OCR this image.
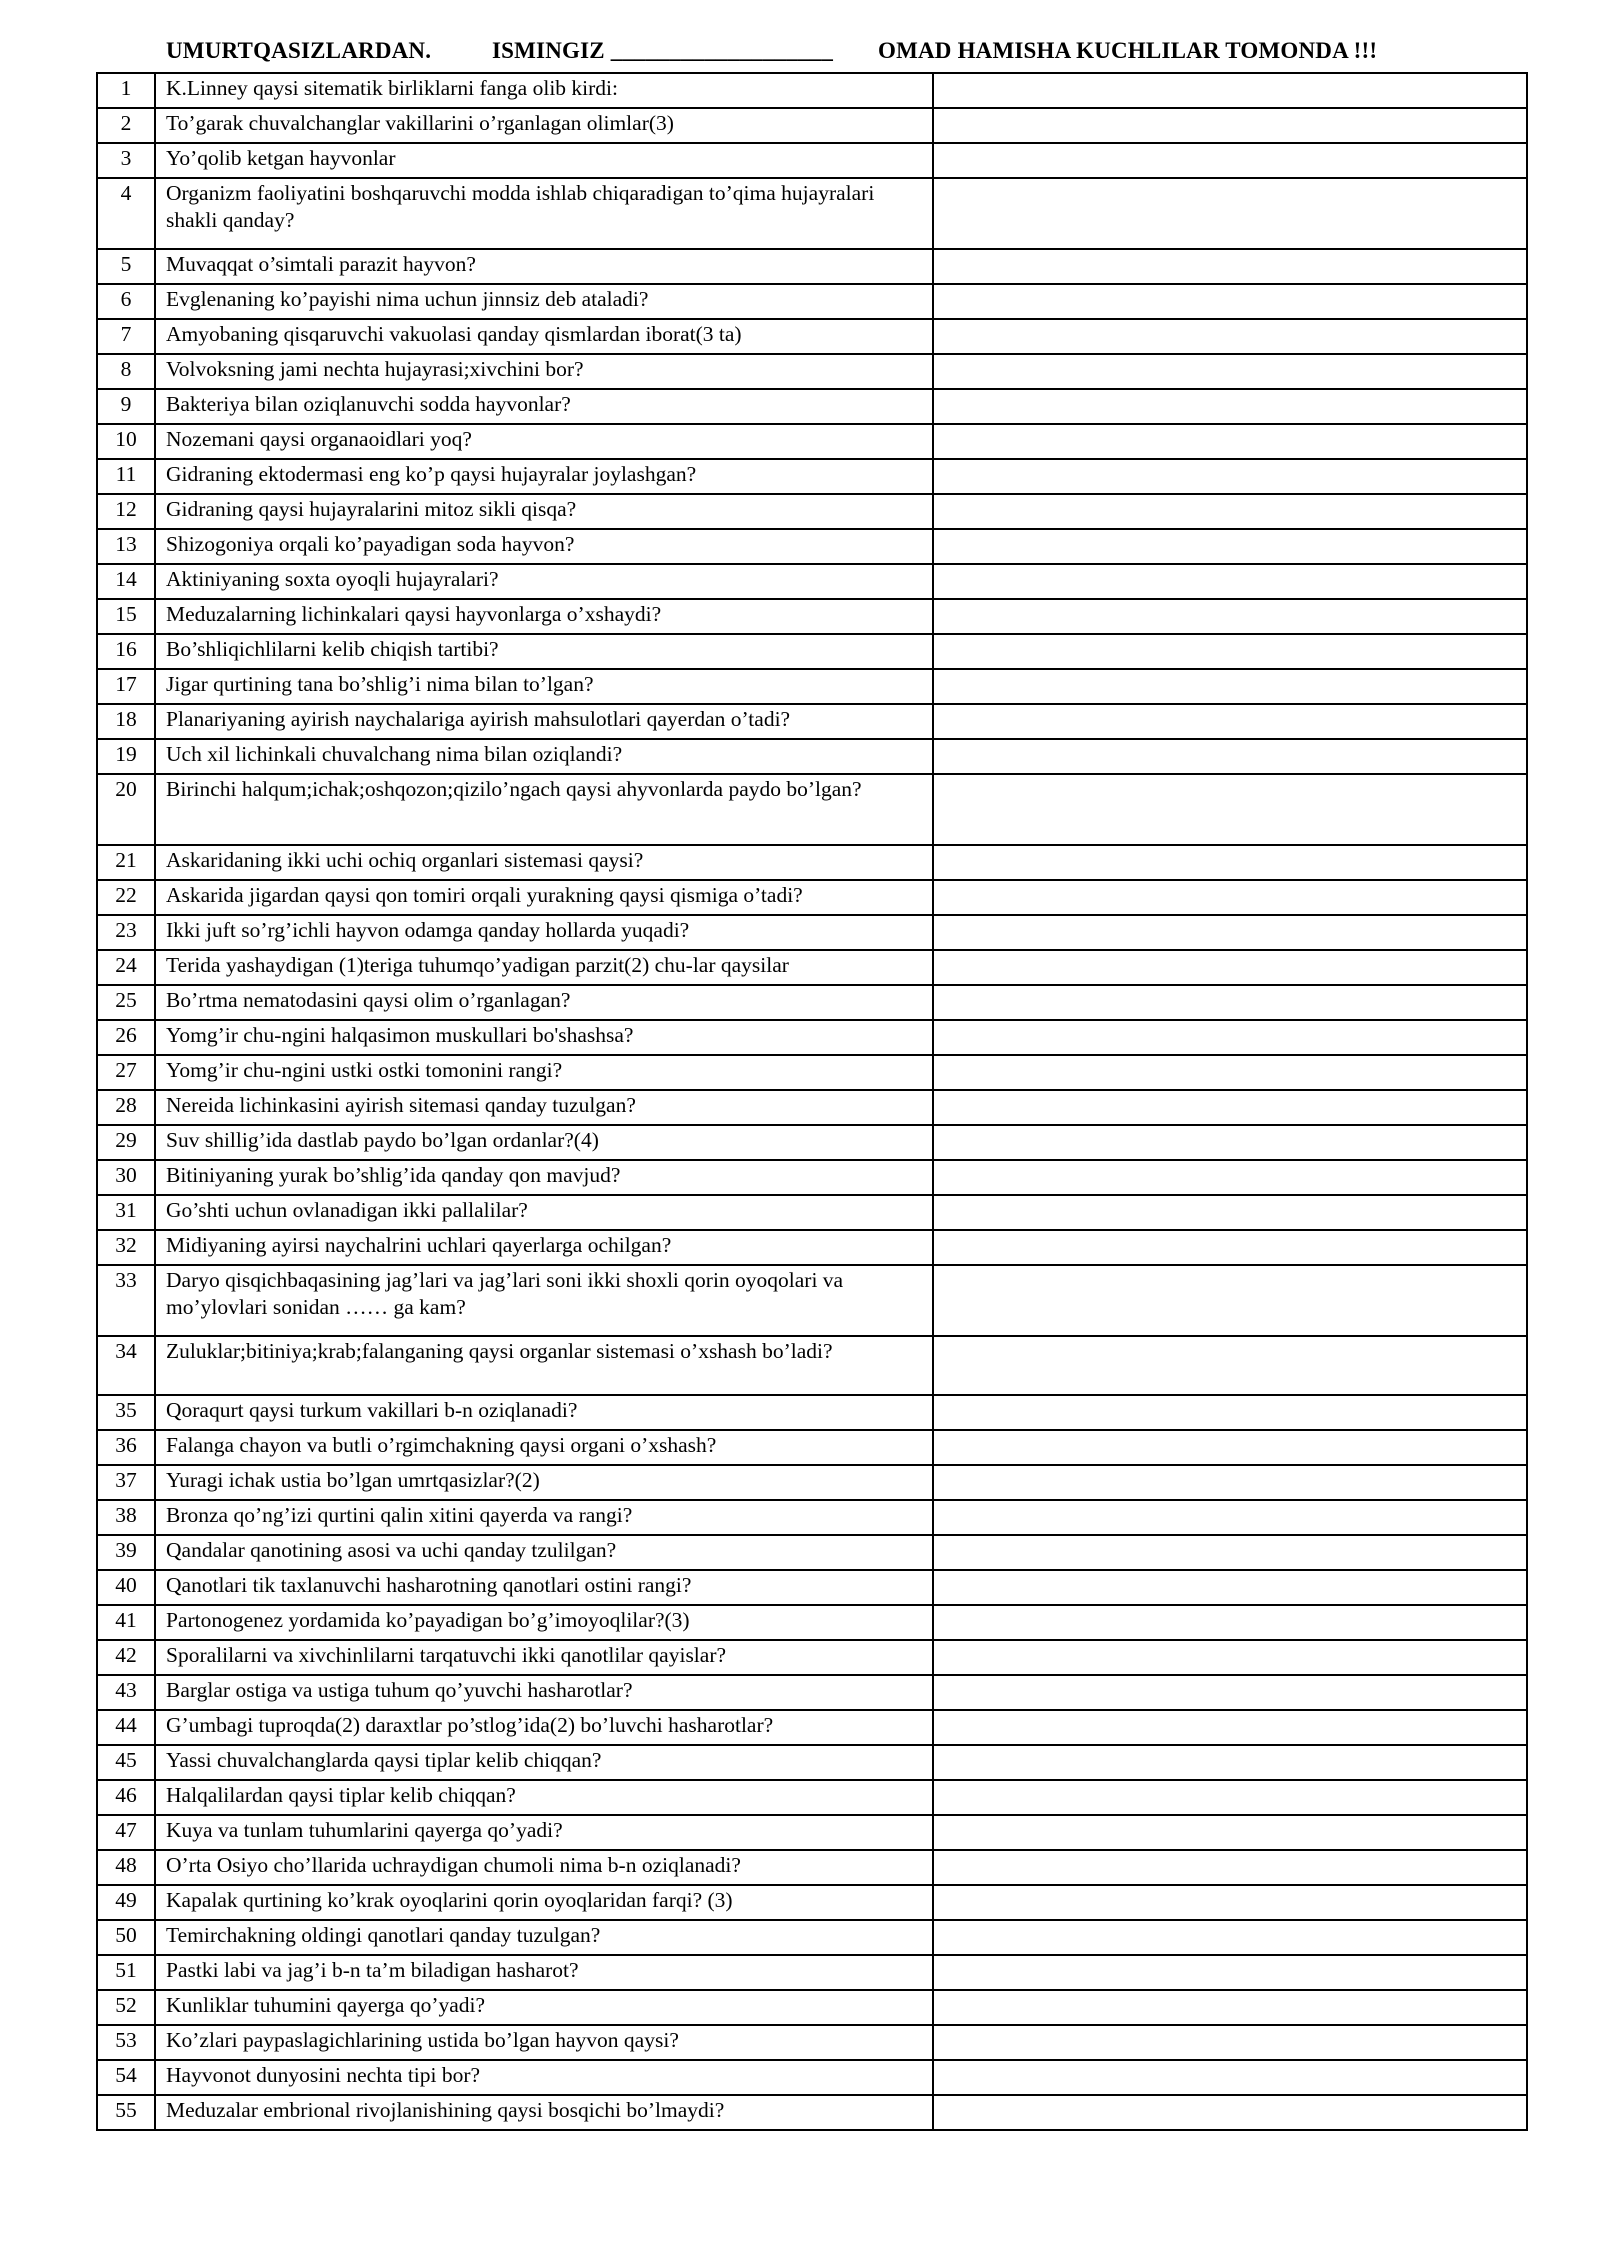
UMURTQASIZLARDAN.	ISMINGIZ ___________________ OMAD HAMISHA KUCHLILAR TOMONDA !!!
1	K.Linney qaysi sitematik birliklarni fanga olib kirdi:	
2	To’garak chuvalchanglar vakillarini o’rganlagan olimlar(3)	
3	Yo’qolib ketgan hayvonlar	
4	Organizm faoliyatini boshqaruvchi modda ishlab chiqaradigan to’qima hujayralari shakli qanday?	
5	Muvaqqat o’simtali parazit hayvon?	
6	Evglenaning ko’payishi nima uchun jinnsiz deb ataladi?	
7	Amyobaning qisqaruvchi vakuolasi qanday qismlardan iborat(3 ta)	
8	Volvoksning jami nechta hujayrasi;xivchini bor?	
9	Bakteriya bilan oziqlanuvchi sodda hayvonlar?	
10	Nozemani qaysi organaoidlari yoq?	
11	Gidraning ektodermasi eng ko’p qaysi hujayralar joylashgan?	
12	Gidraning qaysi hujayralarini mitoz sikli qisqa?	
13	Shizogoniya orqali ko’payadigan soda hayvon?	
14	Aktiniyaning soxta oyoqli hujayralari?	
15	Meduzalarning lichinkalari qaysi hayvonlarga o’xshaydi?	
16	Bo’shliqichlilarni kelib chiqish tartibi?	
17	Jigar qurtining tana bo’shlig’i nima bilan to’lgan?	
18	Planariyaning ayirish naychalariga ayirish mahsulotlari qayerdan o’tadi?	
19	Uch xil lichinkali chuvalchang nima bilan oziqlandi?	
20	Birinchi halqum;ichak;oshqozon;qizilo’ngach qaysi ahyvonlarda paydo bo’lgan?	
21	Askaridaning ikki uchi ochiq organlari sistemasi qaysi?	
22	Askarida jigardan qaysi qon tomiri orqali yurakning qaysi qismiga o’tadi?	
23	Ikki juft so’rg’ichli hayvon odamga qanday hollarda yuqadi?	
24	Terida yashaydigan (1)teriga tuhumqo’yadigan parzit(2) chu-lar qaysilar	
25	Bo’rtma nematodasini qaysi olim o’rganlagan?	
26	Yomg’ir chu-ngini halqasimon muskullari bo'shashsa?	
27	Yomg’ir chu-ngini ustki ostki tomonini rangi?	
28	Nereida lichinkasini ayirish sitemasi qanday tuzulgan?	
29	Suv shillig’ida dastlab paydo bo’lgan ordanlar?(4)	
30	Bitiniyaning yurak bo’shlig’ida qanday qon mavjud?	
31	Go’shti uchun ovlanadigan ikki pallalilar?	
32	Midiyaning ayirsi naychalrini uchlari qayerlarga ochilgan?	
33	Daryo qisqichbaqasining jag’lari va jag’lari soni ikki shoxli qorin oyoqolari va mo’ylovlari sonidan …… ga kam?	
34	Zuluklar;bitiniya;krab;falanganing qaysi organlar sistemasi o’xshash bo’ladi?	
35	Qoraqurt qaysi turkum vakillari b-n oziqlanadi?	
36	Falanga chayon va butli o’rgimchakning qaysi organi o’xshash?	
37	Yuragi ichak ustia bo’lgan umrtqasizlar?(2)	
38	Bronza qo’ng’izi qurtini qalin xitini qayerda va rangi?	
39	Qandalar qanotining asosi va uchi qanday tzulilgan?	
40	Qanotlari tik taxlanuvchi hasharotning qanotlari ostini rangi?	
41	Partonogenez yordamida ko’payadigan bo’g’imoyoqlilar?(3)	
42	Sporalilarni va xivchinlilarni tarqatuvchi ikki qanotlilar qayislar?	
43	Barglar ostiga va ustiga tuhum qo’yuvchi hasharotlar?	
44	G’umbagi tuproqda(2) daraxtlar po’stlog’ida(2) bo’luvchi hasharotlar?	
45	Yassi chuvalchanglarda qaysi tiplar kelib chiqqan?	
46	Halqalilardan qaysi tiplar kelib chiqqan?	
47	Kuya va tunlam tuhumlarini qayerga qo’yadi?	
48	O’rta Osiyo cho’llarida uchraydigan chumoli nima b-n oziqlanadi?	
49	Kapalak qurtining ko’krak oyoqlarini qorin oyoqlaridan farqi? (3)	
50	Temirchakning oldingi qanotlari qanday tuzulgan?	
51	Pastki labi va jag’i b-n ta’m biladigan hasharot?	
52	Kunliklar tuhumini qayerga qo’yadi?	
53	Ko’zlari paypaslagichlarining ustida bo’lgan hayvon qaysi?	
54	Hayvonot dunyosini nechta tipi bor?	
55	Meduzalar embrional rivojlanishining qaysi bosqichi bo’lmaydi?	
